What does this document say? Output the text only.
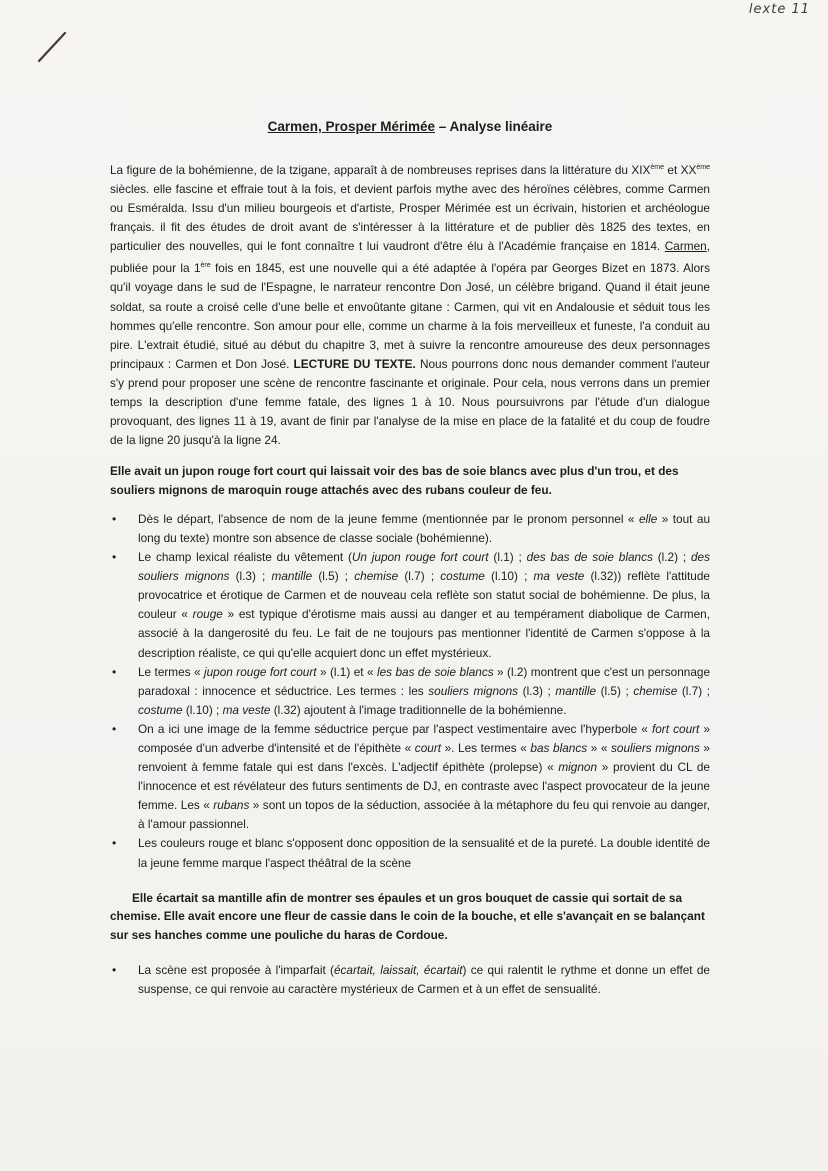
lexte 11
Carmen, Prosper Mérimée – Analyse linéaire

La figure de la bohémienne, de la tzigane, apparaît à de nombreuses reprises dans la littérature du XIXème et XXème siècles. elle fascine et effraie tout à la fois, et devient parfois mythe avec des héroïnes célèbres, comme Carmen ou Esméralda. Issu d'un milieu bourgeois et d'artiste, Prosper Mérimée est un écrivain, historien et archéologue français. il fit des études de droit avant de s'intéresser à la littérature et de publier dès 1825 des textes, en particulier des nouvelles, qui le font connaître t lui vaudront d'être élu à l'Académie française en 1814. Carmen, publiée pour la 1ère fois en 1845, est une nouvelle qui a été adaptée à l'opéra par Georges Bizet en 1873. Alors qu'il voyage dans le sud de l'Espagne, le narrateur rencontre Don José, un célèbre brigand. Quand il était jeune soldat, sa route a croisé celle d'une belle et envoûtante gitane : Carmen, qui vit en Andalousie et séduit tous les hommes qu'elle rencontre. Son amour pour elle, comme un charme à la fois merveilleux et funeste, l'a conduit au pire. L'extrait étudié, situé au début du chapitre 3, met à suivre la rencontre amoureuse des deux personnages principaux : Carmen et Don José. LECTURE DU TEXTE. Nous pourrons donc nous demander comment l'auteur s'y prend pour proposer une scène de rencontre fascinante et originale. Pour cela, nous verrons dans un premier temps la description d'une femme fatale, des lignes 1 à 10. Nous poursuivrons par l'étude d'un dialogue provoquant, des lignes 11 à 19, avant de finir par l'analyse de la mise en place de la fatalité et du coup de foudre de la ligne 20 jusqu'à la ligne 24.

Elle avait un jupon rouge fort court qui laissait voir des bas de soie blancs avec plus d'un trou, et des souliers mignons de maroquin rouge attachés avec des rubans couleur de feu.

• Dès le départ, l'absence de nom de la jeune femme (mentionnée par le pronom personnel « elle » tout au long du texte) montre son absence de classe sociale (bohémienne).
• Le champ lexical réaliste du vêtement (Un jupon rouge fort court (l.1) ; des bas de soie blancs (l.2) ; des souliers mignons (l.3) ; mantille (l.5) ; chemise (l.7) ; costume (l.10) ; ma veste (l.32)) reflète l'attitude provocatrice et érotique de Carmen et de nouveau cela reflète son statut social de bohémienne. De plus, la couleur « rouge » est typique d'érotisme mais aussi au danger et au tempérament diabolique de Carmen, associé à la dangerosité du feu. Le fait de ne toujours pas mentionner l'identité de Carmen s'oppose à la description réaliste, ce qui qu'elle acquiert donc un effet mystérieux.
• Le termes « jupon rouge fort court » (l.1) et « les bas de soie blancs » (l.2) montrent que c'est un personnage paradoxal : innocence et séductrice. Les termes : les souliers mignons (l.3) ; mantille (l.5) ; chemise (l.7) ; costume (l.10) ; ma veste (l.32) ajoutent à l'image traditionnelle de la bohémienne.
• On a ici une image de la femme séductrice perçue par l'aspect vestimentaire avec l'hyperbole « fort court » composée d'un adverbe d'intensité et de l'épithète « court ». Les termes « bas blancs » « souliers mignons » renvoient à femme fatale qui est dans l'excès. L'adjectif épithète (prolepse) « mignon » provient du CL de l'innocence et est révélateur des futurs sentiments de DJ, en contraste avec l'aspect provocateur de la jeune femme. Les « rubans » sont un topos de la séduction, associée à la métaphore du feu qui renvoie au danger, à l'amour passionnel.
• Les couleurs rouge et blanc s'opposent donc opposition de la sensualité et de la pureté. La double identité de la jeune femme marque l'aspect théâtral de la scène

Elle écartait sa mantille afin de montrer ses épaules et un gros bouquet de cassie qui sortait de sa chemise. Elle avait encore une fleur de cassie dans le coin de la bouche, et elle s'avançait en se balançant sur ses hanches comme une pouliche du haras de Cordoue.

• La scène est proposée à l'imparfait (écartait, laissait, écartait) ce qui ralentit le rythme et donne un effet de suspense, ce qui renvoie au caractère mystérieux de Carmen et à un effet de sensualité.
